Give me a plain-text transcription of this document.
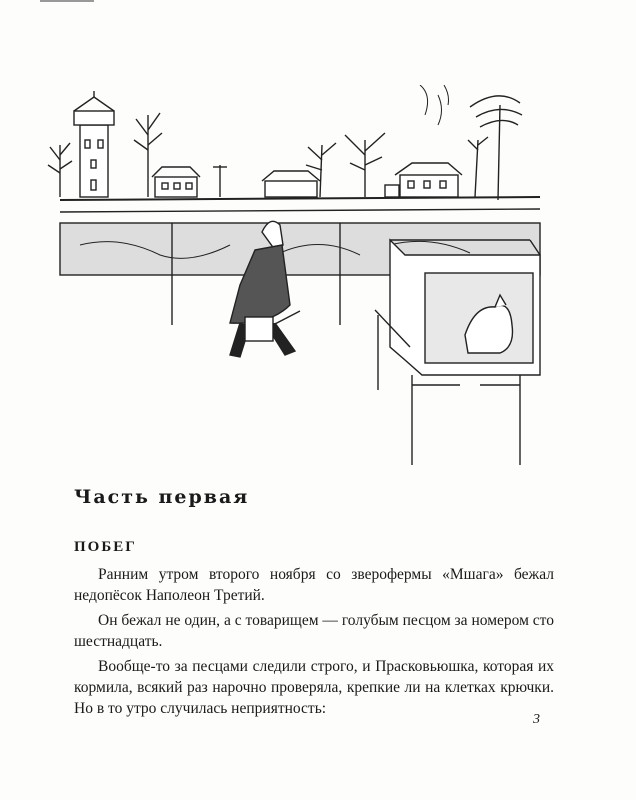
Часть первая
ПОБЕГ

Ранним утром второго ноября со зверофермы «Мшага» бежал недопёсок Наполеон Третий.

Он бежал не один, а с товарищем — голубым песцом за номером сто шестнадцать.

Вообще-то за песцами следили строго, и Прасковьюшка, которая их кормила, всякий раз нарочно проверяла, крепкие ли на клетках крючки. Но в то утро случилась неприятность:

3
